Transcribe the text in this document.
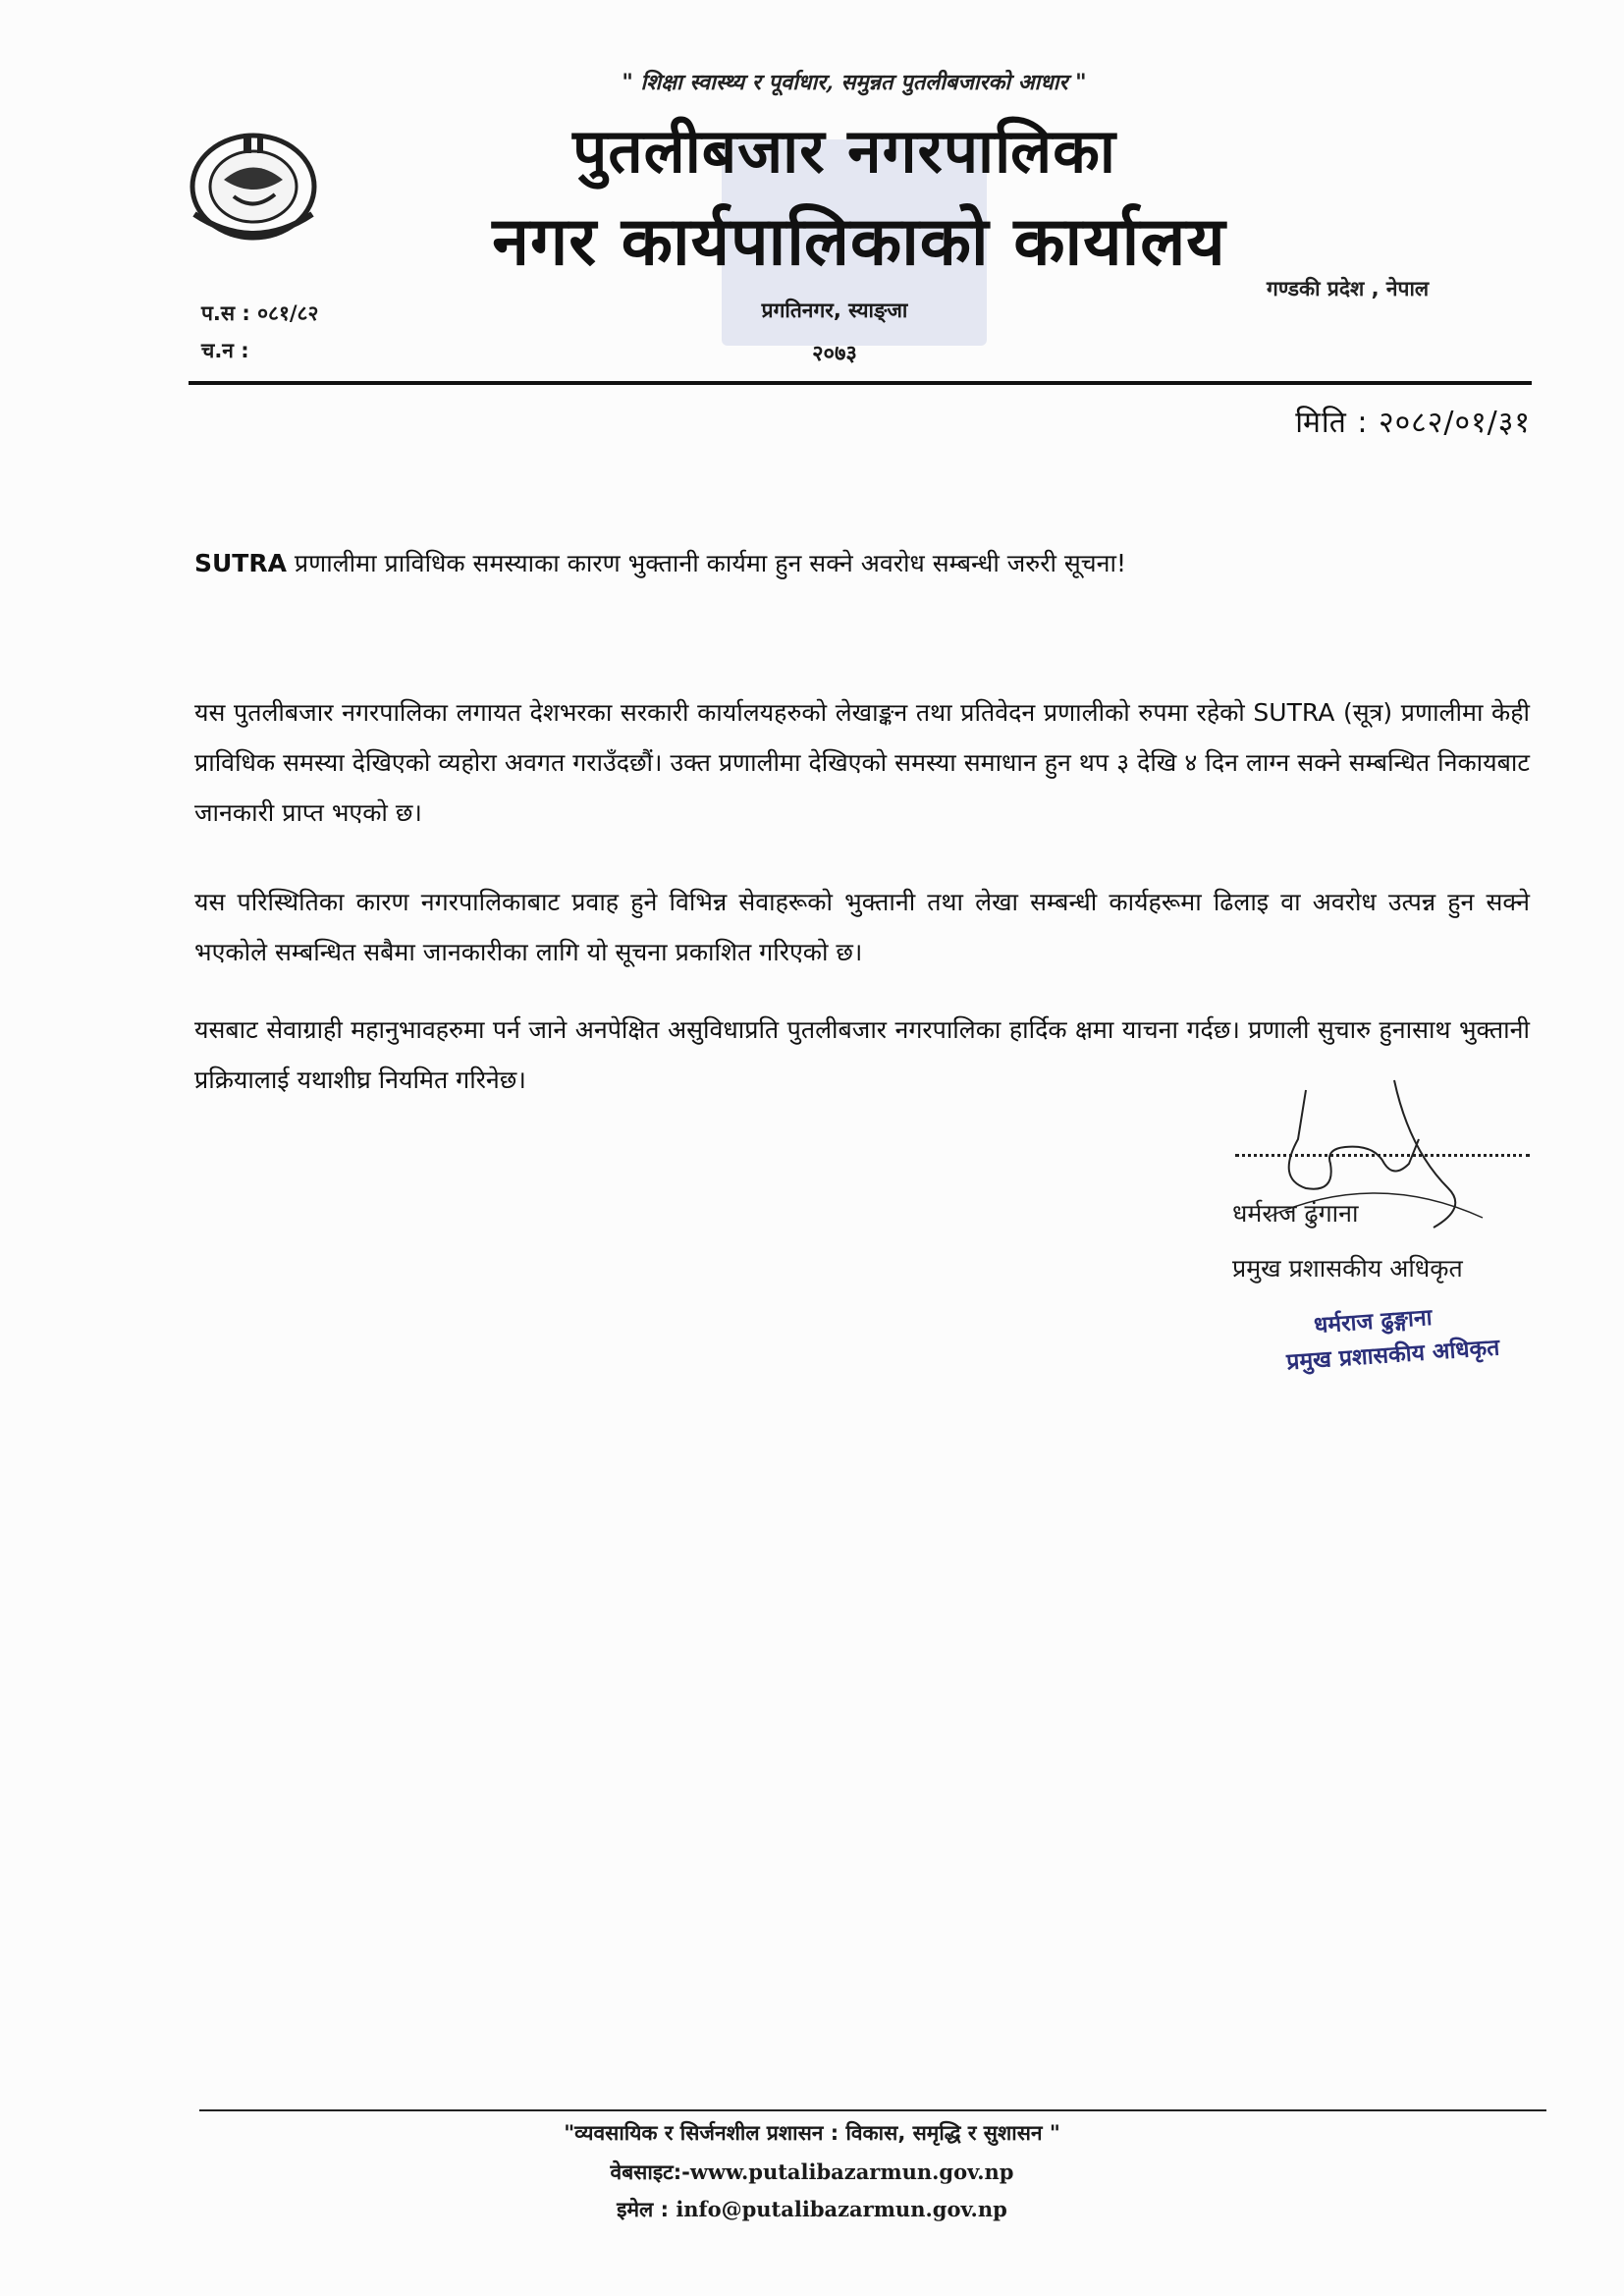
" शिक्षा स्वास्थ्य र पूर्वाधार, समुन्नत पुतलीबजारको आधार "
पुतलीबजार नगरपालिका
नगर कार्यपालिकाको कार्यालय
गण्डकी प्रदेश , नेपाल
प.स : ०८१/८२
च.न :
प्रगतिनगर, स्याङ्जा
२०७३
मिति : २०८२/०१/३१
SUTRA प्रणालीमा प्राविधिक समस्याका कारण भुक्तानी कार्यमा हुन सक्ने अवरोध सम्बन्धी जरुरी सूचना!
यस पुतलीबजार नगरपालिका लगायत देशभरका सरकारी कार्यालयहरुको लेखाङ्कन तथा प्रतिवेदन प्रणालीको रुपमा रहेको SUTRA (सूत्र) प्रणालीमा केही प्राविधिक समस्या देखिएको व्यहोरा अवगत गराउँदछौं। उक्त प्रणालीमा देखिएको समस्या समाधान हुन थप ३ देखि ४ दिन लाग्न सक्ने सम्बन्धित निकायबाट जानकारी प्राप्त भएको छ।
यस परिस्थितिका कारण नगरपालिकाबाट प्रवाह हुने विभिन्न सेवाहरूको भुक्तानी तथा लेखा सम्बन्धी कार्यहरूमा ढिलाइ वा अवरोध उत्पन्न हुन सक्ने भएकोले सम्बन्धित सबैमा जानकारीका लागि यो सूचना प्रकाशित गरिएको छ।
यसबाट सेवाग्राही महानुभावहरुमा पर्न जाने अनपेक्षित असुविधाप्रति पुतलीबजार नगरपालिका हार्दिक क्षमा याचना गर्दछ। प्रणाली सुचारु हुनासाथ भुक्तानी प्रक्रियालाई यथाशीघ्र नियमित गरिनेछ।
धर्मराज ढुंगाना
प्रमुख प्रशासकीय अधिकृत
धर्मराज ढुङ्गाना
प्रमुख प्रशासकीय अधिकृत
"व्यवसायिक र सिर्जनशील प्रशासन : विकास, समृद्धि र सुशासन "
वेबसाइट:-www.putalibazarmun.gov.np
इमेल : info@putalibazarmun.gov.np
